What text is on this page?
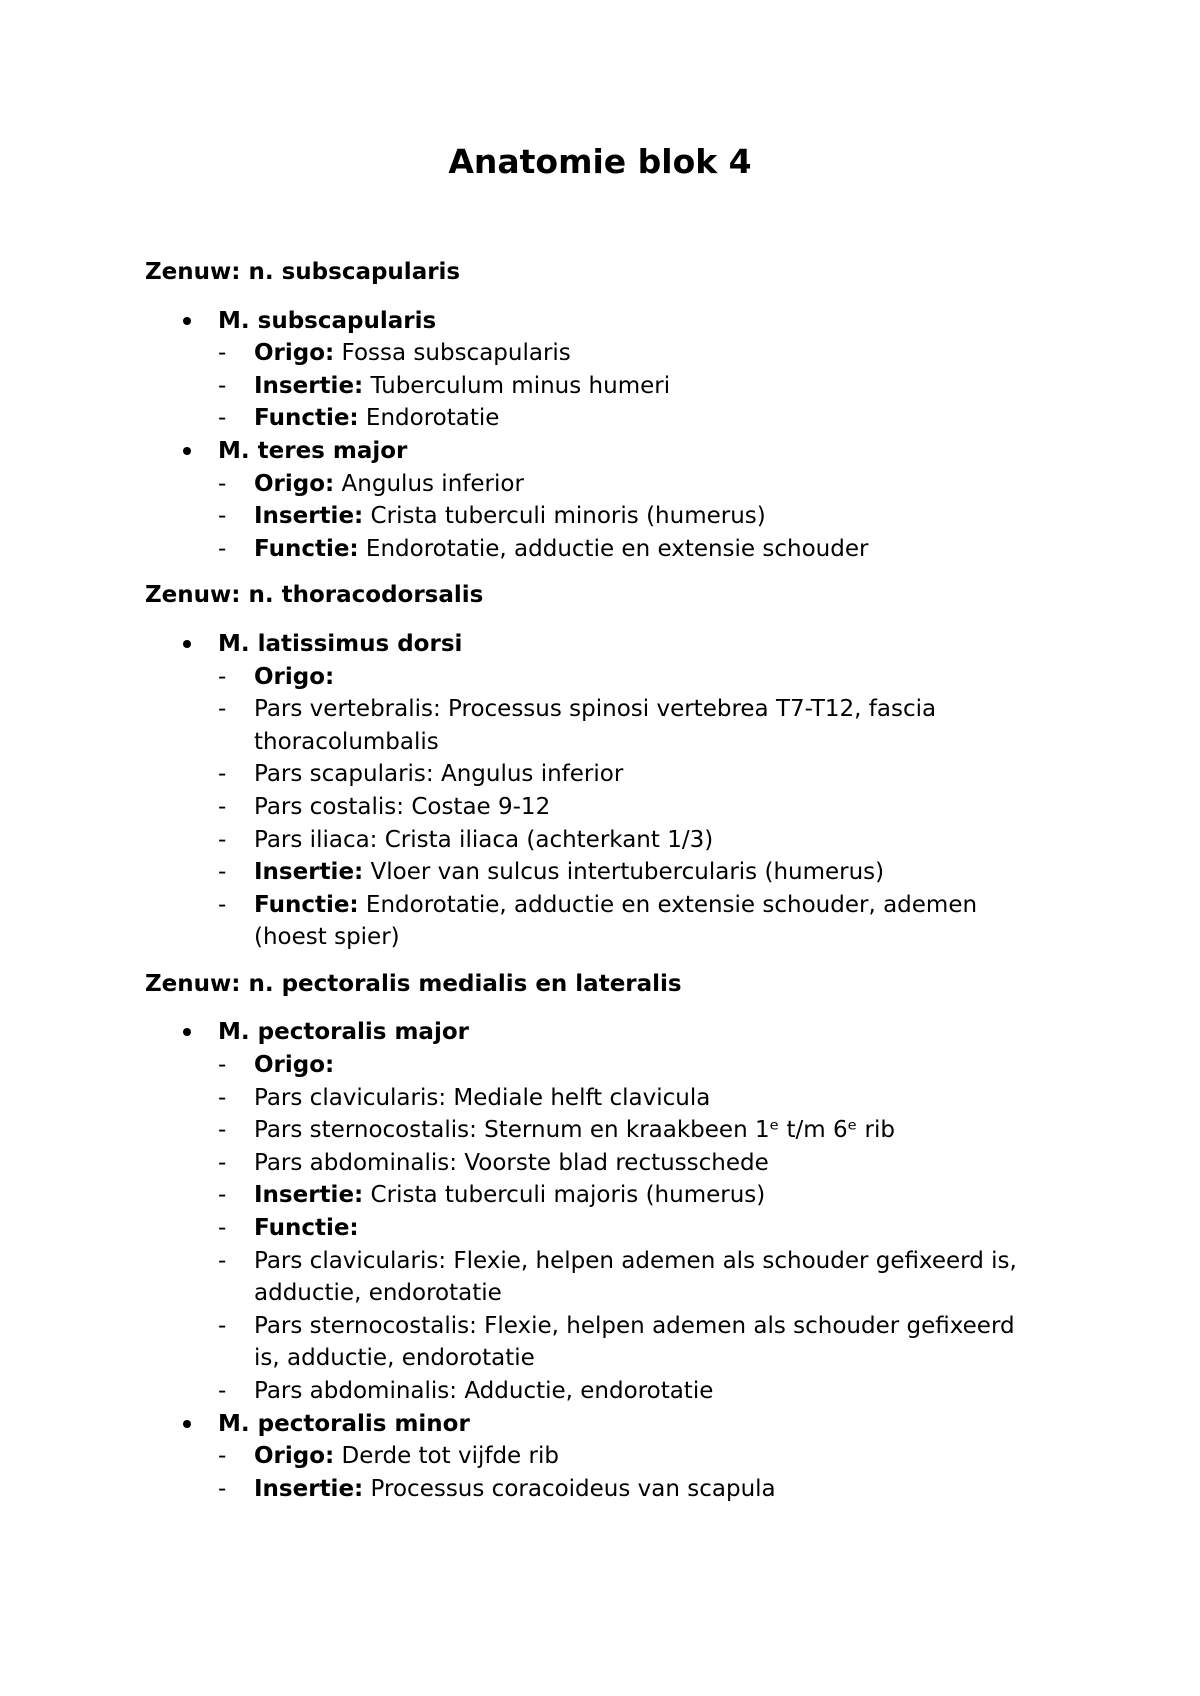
Anatomie blok 4
Zenuw: n. subscapularis
M. subscapularis
- Origo: Fossa subscapularis
- Insertie: Tuberculum minus humeri
- Functie: Endorotatie
M. teres major
- Origo: Angulus inferior
- Insertie: Crista tuberculi minoris (humerus)
- Functie: Endorotatie, adductie en extensie schouder
Zenuw: n. thoracodorsalis
M. latissimus dorsi
- Origo:
- Pars vertebralis: Processus spinosi vertebrea T7-T12, fascia thoracolumbalis
- Pars scapularis: Angulus inferior
- Pars costalis: Costae 9-12
- Pars iliaca: Crista iliaca (achterkant 1/3)
- Insertie: Vloer van sulcus intertubercularis (humerus)
- Functie: Endorotatie, adductie en extensie schouder, ademen (hoest spier)
Zenuw: n. pectoralis medialis en lateralis
M. pectoralis major
- Origo:
- Pars clavicularis: Mediale helft clavicula
- Pars sternocostalis: Sternum en kraakbeen 1ᵉ t/m 6ᵉ rib
- Pars abdominalis: Voorste blad rectusschede
- Insertie: Crista tuberculi majoris (humerus)
- Functie:
- Pars clavicularis: Flexie, helpen ademen als schouder gefixeerd is, adductie, endorotatie
- Pars sternocostalis: Flexie, helpen ademen als schouder gefixeerd is, adductie, endorotatie
- Pars abdominalis: Adductie, endorotatie
M. pectoralis minor
- Origo: Derde tot vijfde rib
- Insertie: Processus coracoideus van scapula
